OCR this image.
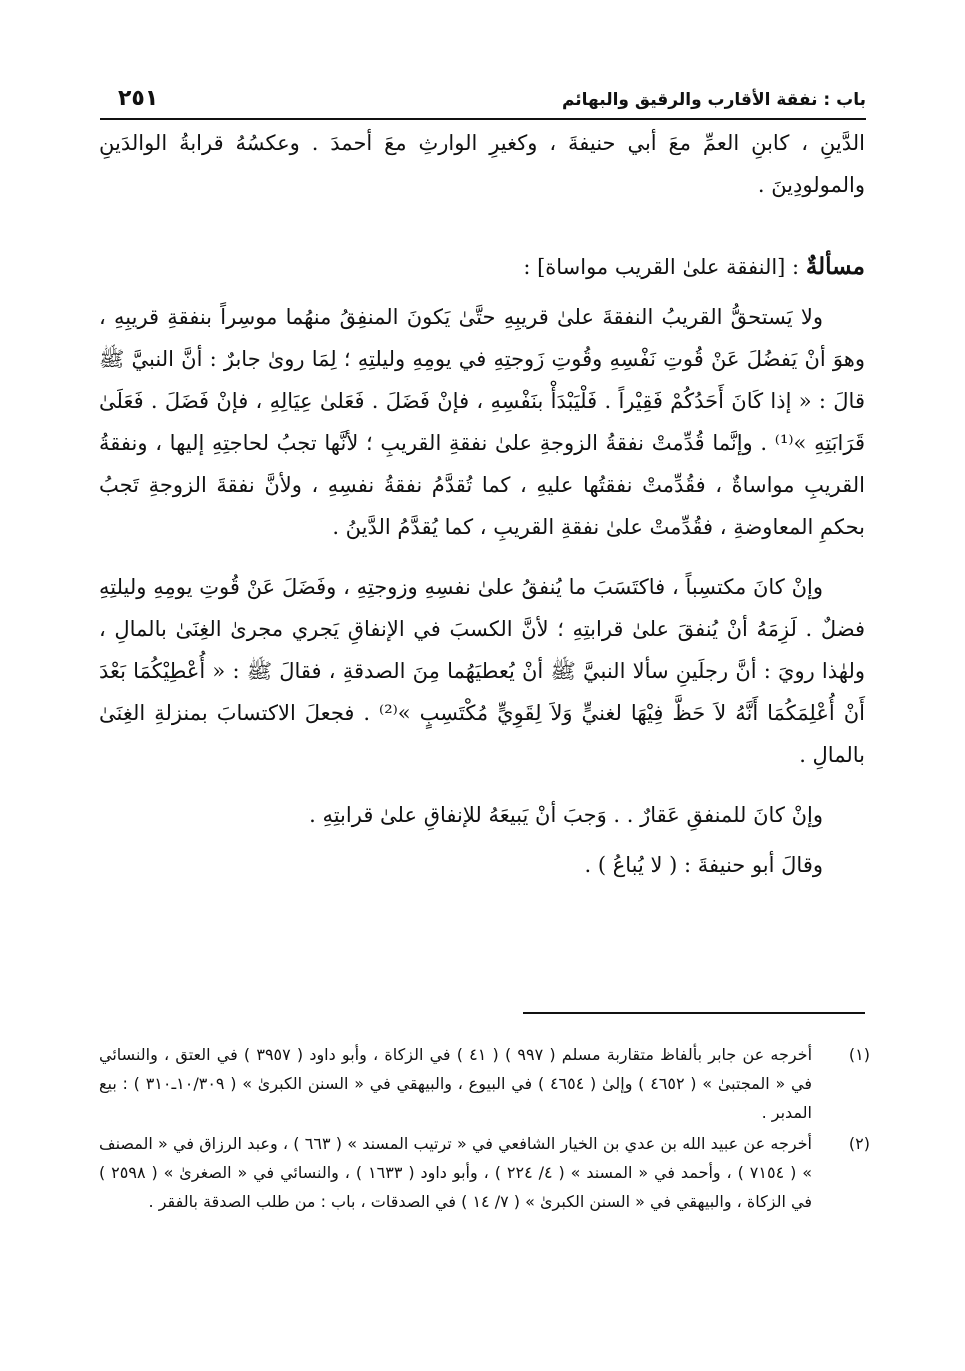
باب : نفقة الأقارب والرقيق والبهائم
٢٥١

الدَّينِ ، كابنِ العمِّ معَ أبي حنيفةَ ، وكغيرِ الوارثِ معَ أحمدَ . وعكسُهُ قرابةُ الوالدَينِ والمولودِينَ .

مسألةٌ : [النفقة علىٰ القريب مواساة] :

ولا يَستحقُّ القريبُ النفقةَ علىٰ قريبِهِ حتَّىٰ يَكونَ المنفِقُ منهُما موسِراً بنفقةِ قريبِهِ ، وهوَ أنْ يَفضُلَ عَنْ قُوتِ نَفْسِهِ وقُوتِ زَوجتِهِ في يومِهِ وليلتِهِ ؛ لِمَا روىٰ جابرٌ : أنَّ النبيَّ ﷺ قالَ : « إذا كَانَ أَحَدُكُمْ فَقِيْراً . فَلْيَبْدَأْ بنَفْسِهِ ، فإنْ فَضَلَ . فَعَلىٰ عِيَالِهِ ، فإنْ فَضَلَ . فَعَلَىٰ قَرَابَتِهِ »⁽¹⁾ . وإنَّما قُدِّمتْ نفقةُ الزوجةِ علىٰ نفقةِ القريبِ ؛ لأنَّها تجبُ لحاجتِهِ إليها ، ونفقةُ القريبِ مواساةٌ ، فقُدِّمتْ نفقتُها عليهِ ، كما تُقدَّمُ نفقةُ نفسِهِ ، ولأنَّ نفقةَ الزوجةِ تَجبُ بحكمِ المعاوضةِ ، فقُدِّمتْ علىٰ نفقةِ القريبِ ، كما يُقدَّمُ الدَّينُ .

وإنْ كانَ مكتسِباً ، فاكتَسَبَ ما يُنفقُ علىٰ نفسِهِ وزوجتِهِ ، وفَضَلَ عَنْ قُوتِ يومِهِ وليلتِهِ فضلٌ . لَزِمَهُ أنْ يُنفقَ علىٰ قرابتِهِ ؛ لأنَّ الكسبَ في الإنفاقِ يَجري مجرىٰ الغِنَىٰ بالمالِ ، ولهٰذا رويَ : أنَّ رجلَينِ سألا النبيَّ ﷺ أنْ يُعطيَهُما مِنَ الصدقةِ ، فقالَ ﷺ : « أُعْطِيْكُمَا بَعْدَ أَنْ أُعْلِمَكُمَا أَنَّهُ لاَ حَظَّ فِيْهَا لغنيٍّ وَلاَ لِقَوِيٍّ مُكْتَسِبٍ »⁽²⁾ . فجعلَ الاكتسابَ بمنزلةِ الغِنَىٰ بالمالِ .

وإنْ كانَ للمنفقِ عَقارٌ . . وَجبَ أنْ يَبيعَهُ للإنفاقِ علىٰ قرابتِهِ .

وقالَ أبو حنيفةَ : ( لا يُباعُ ) .

(١)
أخرجه عن جابر بألفاظ متقاربة مسلم ( ٩٩٧ ) ( ٤١ ) في الزكاة ، وأبو داود ( ٣٩٥٧ ) في العتق ، والنسائي في « المجتبىٰ » ( ٤٦٥٢ ) وإلىٰ ( ٤٦٥٤ ) في البيوع ، والبيهقي في « السنن الكبرىٰ » ( ١٠/٣٠٩ـ٣١٠ ) : بيع المدبر .
(٢)
أخرجه عن عبيد الله بن عدي بن الخيار الشافعي في « ترتيب المسند » ( ٦٦٣ ) ، وعبد الرزاق في « المصنف » ( ٧١٥٤ ) ، وأحمد في « المسند » ( ٤/ ٢٢٤ ) ، وأبو داود ( ١٦٣٣ ) ، والنسائي في « الصغرىٰ » ( ٢٥٩٨ ) في الزكاة ، والبيهقي في « السنن الكبرىٰ » ( ٧/ ١٤ ) في الصدقات ، باب : من طلب الصدقة بالفقر .
